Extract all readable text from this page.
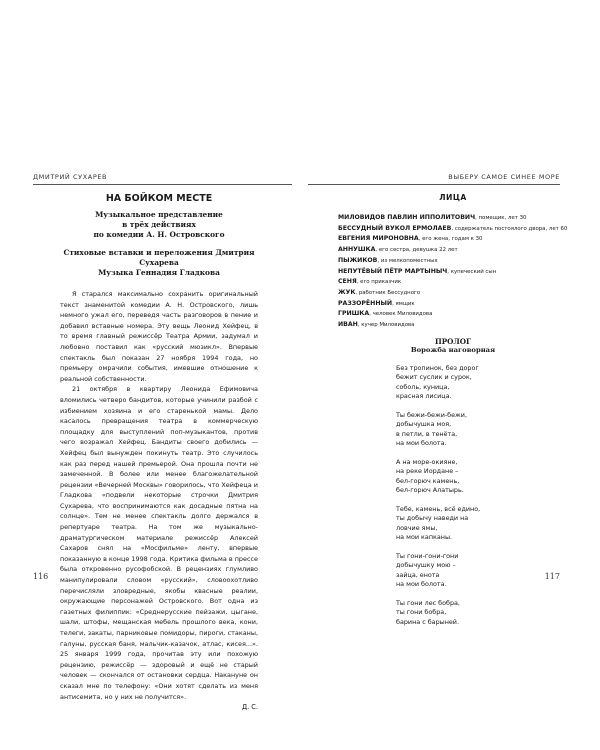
ДМИТРИЙ СУХАРЕВ
НА БОЙКОМ МЕСТЕ
Музыкальное представление
в трёх действиях
по комедии А. Н. Островского
Стиховые вставки и переложения Дмитрия Сухарева
Музыка Геннадия Гладкова

Я старался максимально сохранить оригинальный текст знаменитой комедии А. Н. Островского, лишь немного ужал его, переведя часть разговоров в пение и добавил вставные номера. Эту вещь Леонид Хейфец, в то время главный режиссёр Театра Армии, задумал и любовно поставил как «русский мюзикл». Впервые спектакль был показан 27 ноября 1994 года, но премьеру омрачили события, имевшие отношение к реальной собственности.

21 октября в квартиру Леонида Ефимовича вломились четверо бандитов, которые учинили разбой с избиением хозяина и его старенькой мамы. Дело касалось превращения театра в коммерческую площадку для выступлений поп-музыкантов, против чего возражал Хейфец. Бандиты своего добились — Хейфец был вынужден покинуть театр. Это случилось как раз перед нашей премьерой. Она прошла почти не замеченной. В более или менее благожелательной рецензии «Вечерней Москвы» говорилось, что Хейфеца и Гладкова «подвели некоторые строчки Дмитрия Сухарева, что воспринимаются как досадные пятна на солнце». Тем не менее спектакль долго держался в репертуаре театра. На том же музыкально-драматургическом материале режиссёр Алексей Сахаров снял на «Мосфильме» ленту, впервые показанную в конце 1998 года. Критика фильма в прессе была откровенно русофобской. В рецензиях глумливо манипулировали словом «русский», словоохотливо перечисляли зловредные, якобы квасные реалии, окружающие персонажей Островского. Вот одна из газетных филиппик: «Среднерусские пейзажи, цыгане, шали, штофы, мещанская мебель прошлого века, кони, телеги, закаты, парниковые помидоры, пироги, стаканы, галуны, русская баня, мальчик-казачок, атлас, кисея...». 25 января 1999 года, прочитав эту или похожую рецензию, режиссёр — здоровый и ещё не старый человек — скончался от остановки сердца. Накануне он сказал мне по телефону: «Они хотят сделать из меня антисемита, но у них не получится».

Д. С.
116
ВЫБЕРУ САМОЕ СИНЕЕ МОРЕ
ЛИЦА
МИЛОВИДОВ ПАВЛИН ИППОЛИТОВИЧ, помещик, лет 30
БЕССУДНЫЙ ВУКОЛ ЕРМОЛАЕВ, содержатель постоялого двора, лет 60
ЕВГЕНИЯ МИРОНОВНА, его жена, годам к 30
АННУШКА, его сестра, девушка 22 лет
ПЫЖИКОВ, из мелкопоместных
НЕПУТЁВЫЙ ПЁТР МАРТЫНЫЧ, купеческий сын
СЕНЯ, его приказчик
ЖУК, работник Бессудного
РАЗЗОРЁННЫЙ, ямщик
ГРИШКА, человек Миловидова
ИВАН, кучер Миловидова
ПРОЛОГ
Ворожба наговорная
Без тропинок, без дорог
бежит суслик и сурок,
соболь, куница,
красная лисица.
Ты бежи-бежи-бежи,
добычушка моя,
в петли, в тенёта,
на мои болота.
А на море-окияне,
на реке Иордане –
бел-горюч камень,
бел-горюч Алатырь.
Тебе, камень, всё едино,
ты добычу наведи на
ловчие ямы,
на мои капканы.
Ты гони-гони-гони
добычушку мою –
зайца, енота
на мои болота.
Ты гони лес бобра,
ты гони бобра,
барина с барыней.
117
